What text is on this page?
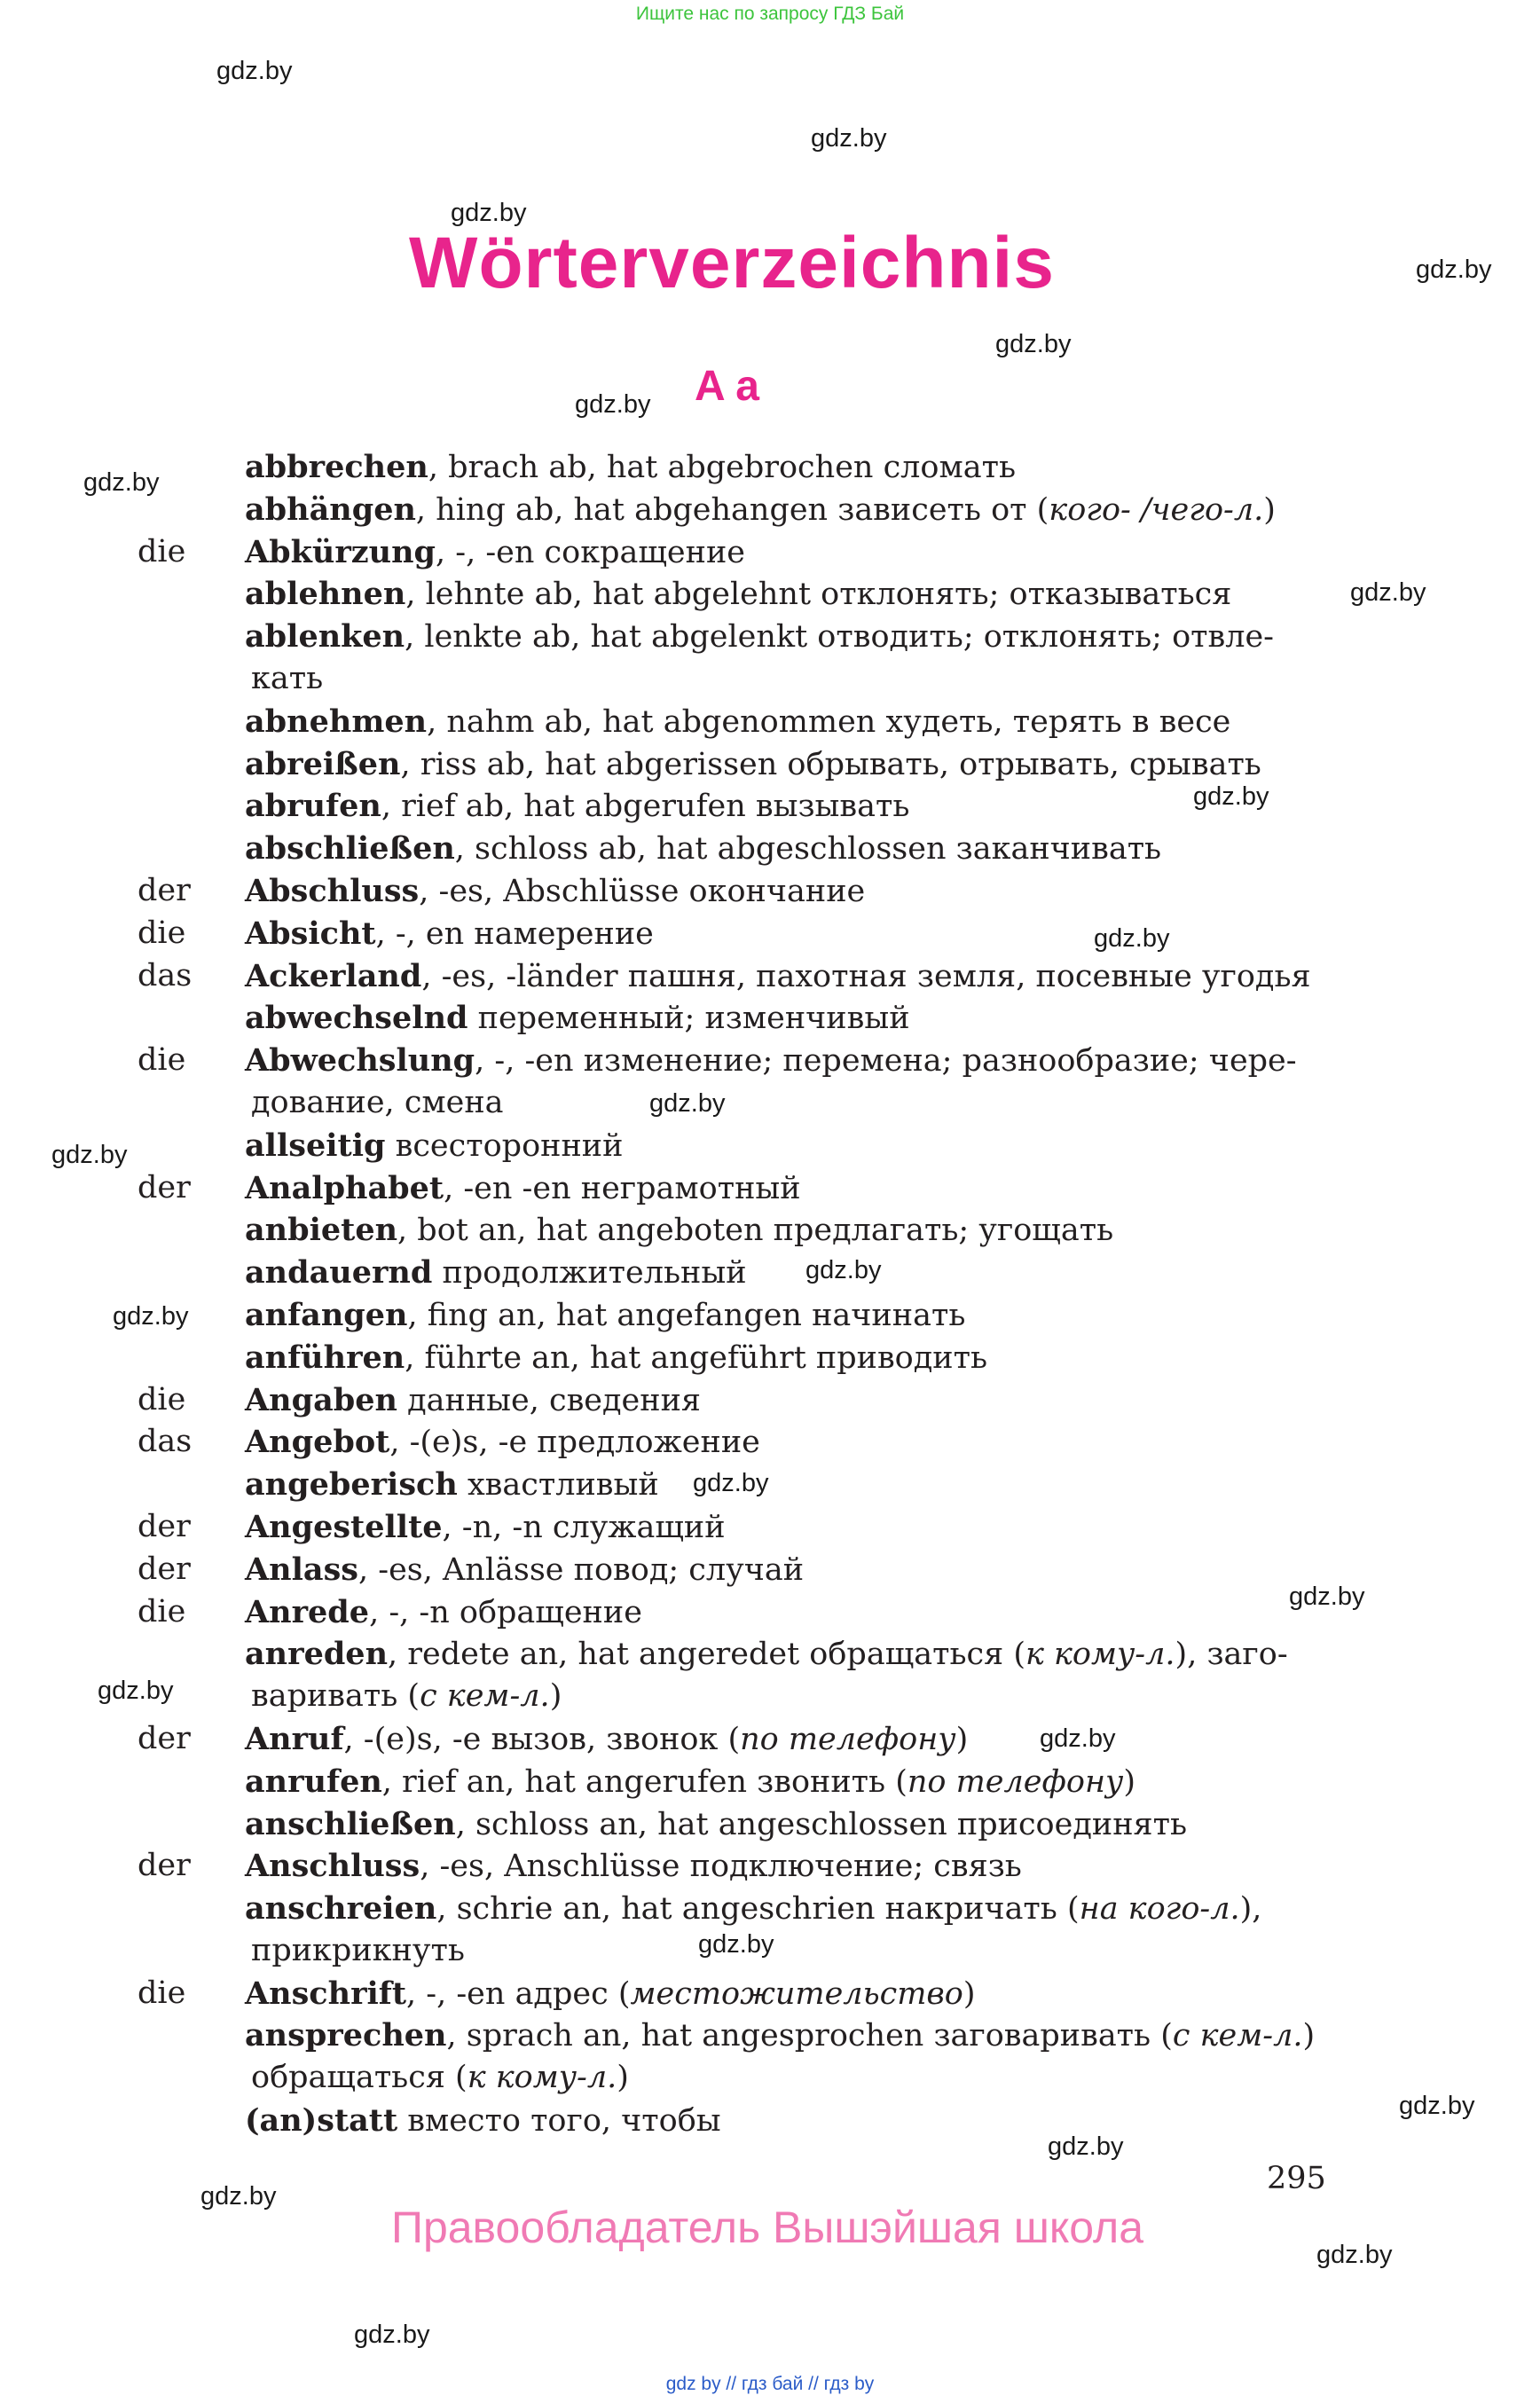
Ищите нас по запросу ГДЗ Бай
Wörterverzeichnis
A a
abbrechen, brach ab, hat abgebrochen сломать
abhängen, hing ab, hat abgehangen зависеть от (кого- /чего-л.)
die Abkürzung, -, -en сокращение
ablehnen, lehnte ab, hat abgelehnt отклонять; отказываться
ablenken, lenkte ab, hat abgelenkt отводить; отклонять; отвле-
кать
abnehmen, nahm ab, hat abgenommen худеть, терять в весе
abreißen, riss ab, hat abgerissen обрывать, отрывать, срывать
abrufen, rief ab, hat abgerufen вызывать
abschließen, schloss ab, hat abgeschlossen заканчивать
der Abschluss, -es, Abschlüsse окончание
die Absicht, -, en намерение
das Ackerland, -es, -länder пашня, пахотная земля, посевные угодья
abwechselnd переменный; изменчивый
die Abwechslung, -, -en изменение; перемена; разнообразие; чере-
дование, смена
allseitig всесторонний
der Analphabet, -en -en неграмотный
anbieten, bot an, hat angeboten предлагать; угощать
andauernd продолжительный
anfangen, fing an, hat angefangen начинать
anführen, führte an, hat angeführt приводить
die Angaben данные, сведения
das Angebot, -(e)s, -e предложение
angeberisch хвастливый
der Angestellte, -n, -n служащий
der Anlass, -es, Anlässe повод; случай
die Anrede, -, -n обращение
anreden, redete an, hat angeredet обращаться (к кому-л.), заго-
варивать (с кем-л.)
der Anruf, -(e)s, -e вызов, звонок (по телефону)
anrufen, rief an, hat angerufen звонить (по телефону)
anschließen, schloss an, hat angeschlossen присоединять
der Anschluss, -es, Anschlüsse подключение; связь
anschreien, schrie an, hat angeschrien накричать (на кого-л.),
прикрикнуть
die Anschrift, -, -en адрес (местожительство)
ansprechen, sprach an, hat angesprochen заговаривать (с кем-л.)
обращаться (к кому-л.)
(an)statt вместо того, чтобы
gdz.by
gdz.by
gdz.by
gdz.by
gdz.by
gdz.by
gdz.by
gdz.by
gdz.by
gdz.by
gdz.by
gdz.by
gdz.by
gdz.by
gdz.by
gdz.by
gdz.by
gdz.by
gdz.by
gdz.by
gdz.by
gdz.by
gdz.by
gdz.by
295
Правообладатель Вышэйшая школа
gdz by // гдз бай // гдз by
